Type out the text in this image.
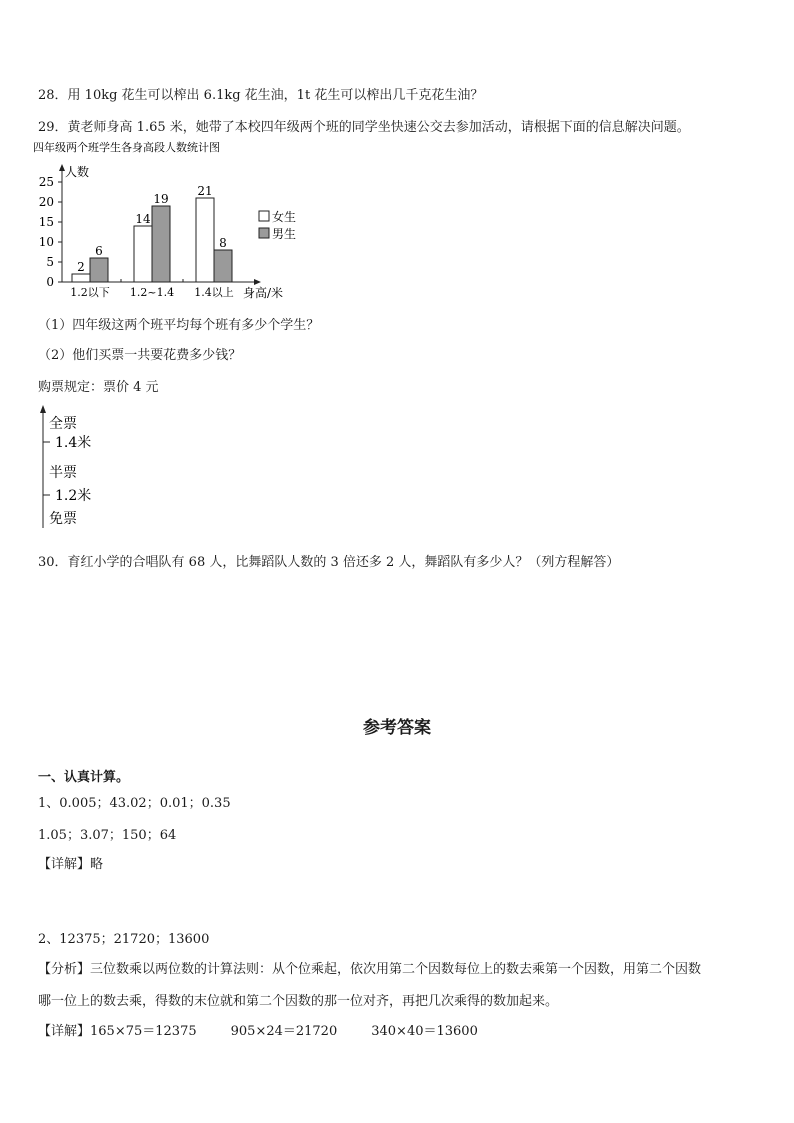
28．用 10kg 花生可以榨出 6.1kg 花生油，1t 花生可以榨出几千克花生油？
29．黄老师身高 1.65 米，她带了本校四年级两个班的同学坐快速公交去参加活动，请根据下面的信息解决问题。
四年级两个班学生各身高段人数统计图
人数
身高/米
0
5
10
15
20
25
2
6
1.2以下
14
19
1.2~1.4
21
8
1.4以上
女生
男生
（1）四年级这两个班平均每个班有多少个学生？
（2）他们买票一共要花费多少钱？
购票规定：票价 4 元
全票
1.4米
半票
1.2米
免票
30．育红小学的合唱队有 68 人，比舞蹈队人数的 3 倍还多 2 人，舞蹈队有多少人？（列方程解答）
参考答案
一、认真计算。
1、0.005；43.02；0.01；0.35
1.05；3.07；150；64
【详解】略
2、12375；21720；13600
【分析】三位数乘以两位数的计算法则：从个位乘起，依次用第二个因数每位上的数去乘第一个因数，用第二个因数
哪一位上的数去乘，得数的末位就和第二个因数的那一位对齐，再把几次乘得的数加起来。
【详解】165×75＝12375	905×24＝21720	340×40＝13600
